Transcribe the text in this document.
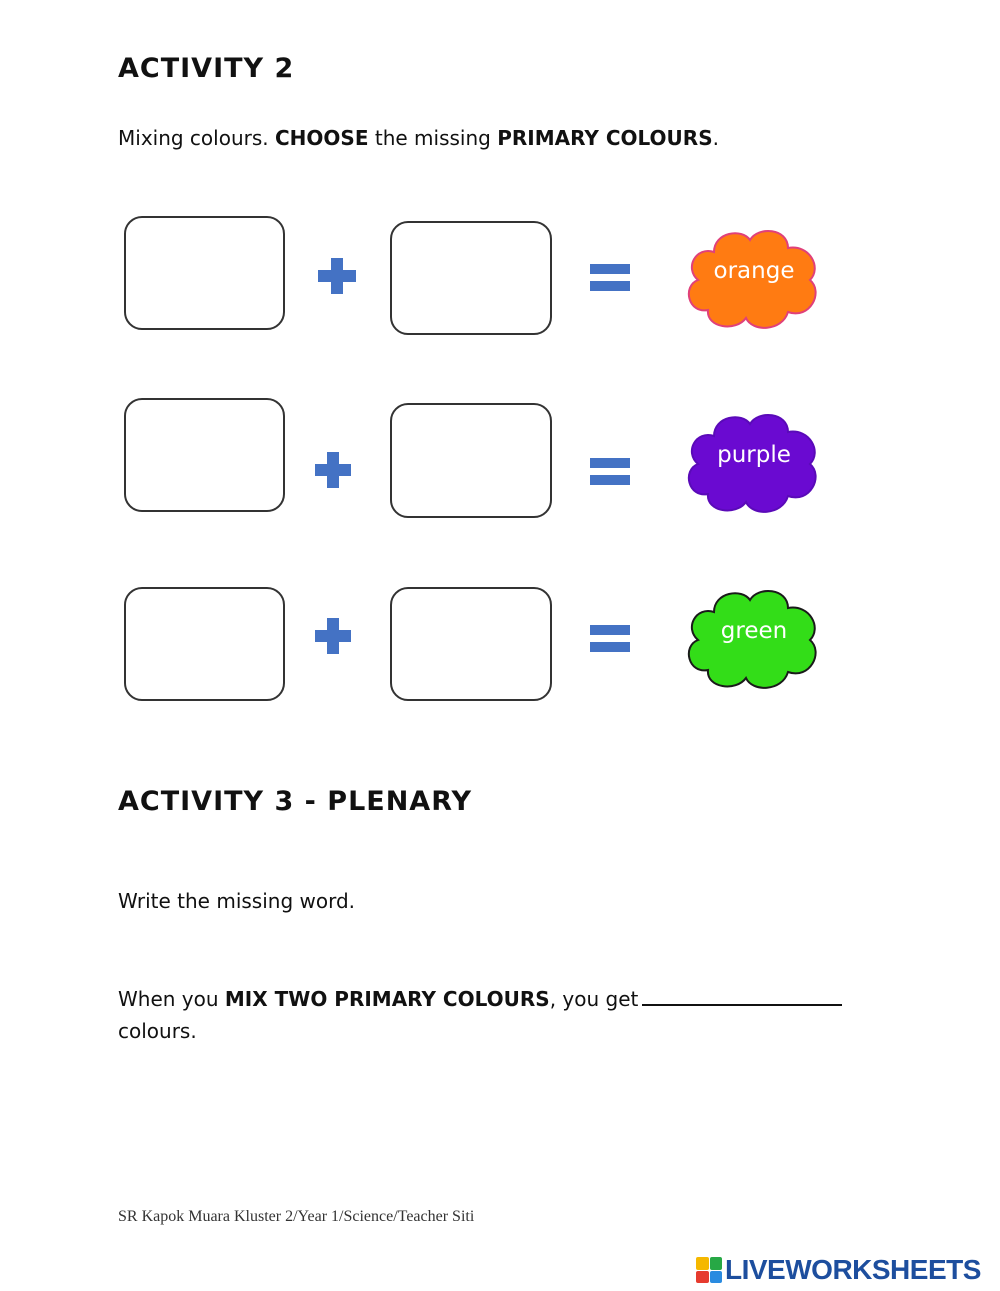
ACTIVITY 2

Mixing colours. CHOOSE the missing PRIMARY COLOURS.

orange
purple
green
ACTIVITY 3 - PLENARY

Write the missing word.

When you MIX TWO PRIMARY COLOURS, you get

colours.

SR Kapok Muara Kluster 2/Year 1/Science/Teacher Siti

LIVEWORKSHEETS
